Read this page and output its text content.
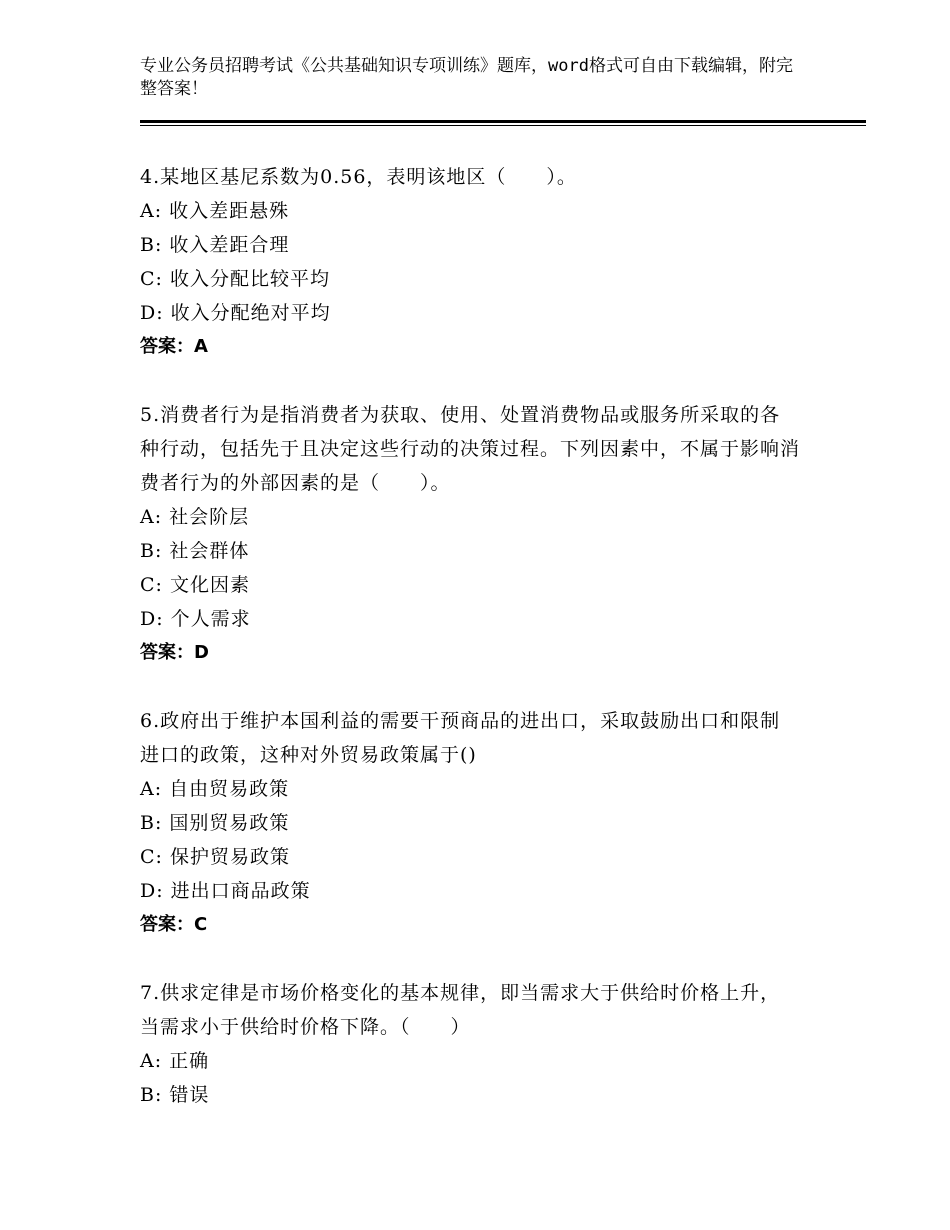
专业公务员招聘考试《公共基础知识专项训练》题库，word格式可自由下载编辑，附完整答案！
4.某地区基尼系数为0.56，表明该地区（　　）。
A: 收入差距悬殊
B: 收入差距合理
C: 收入分配比较平均
D: 收入分配绝对平均
答案：A
5.消费者行为是指消费者为获取、使用、处置消费物品或服务所采取的各种行动，包括先于且决定这些行动的决策过程。下列因素中，不属于影响消费者行为的外部因素的是（　　）。
A: 社会阶层
B: 社会群体
C: 文化因素
D: 个人需求
答案：D
6.政府出于维护本国利益的需要干预商品的进出口，采取鼓励出口和限制进口的政策，这种对外贸易政策属于()
A: 自由贸易政策
B: 国别贸易政策
C: 保护贸易政策
D: 进出口商品政策
答案：C
7.供求定律是市场价格变化的基本规律，即当需求大于供给时价格上升，当需求小于供给时价格下降。（　　）
A: 正确
B: 错误
